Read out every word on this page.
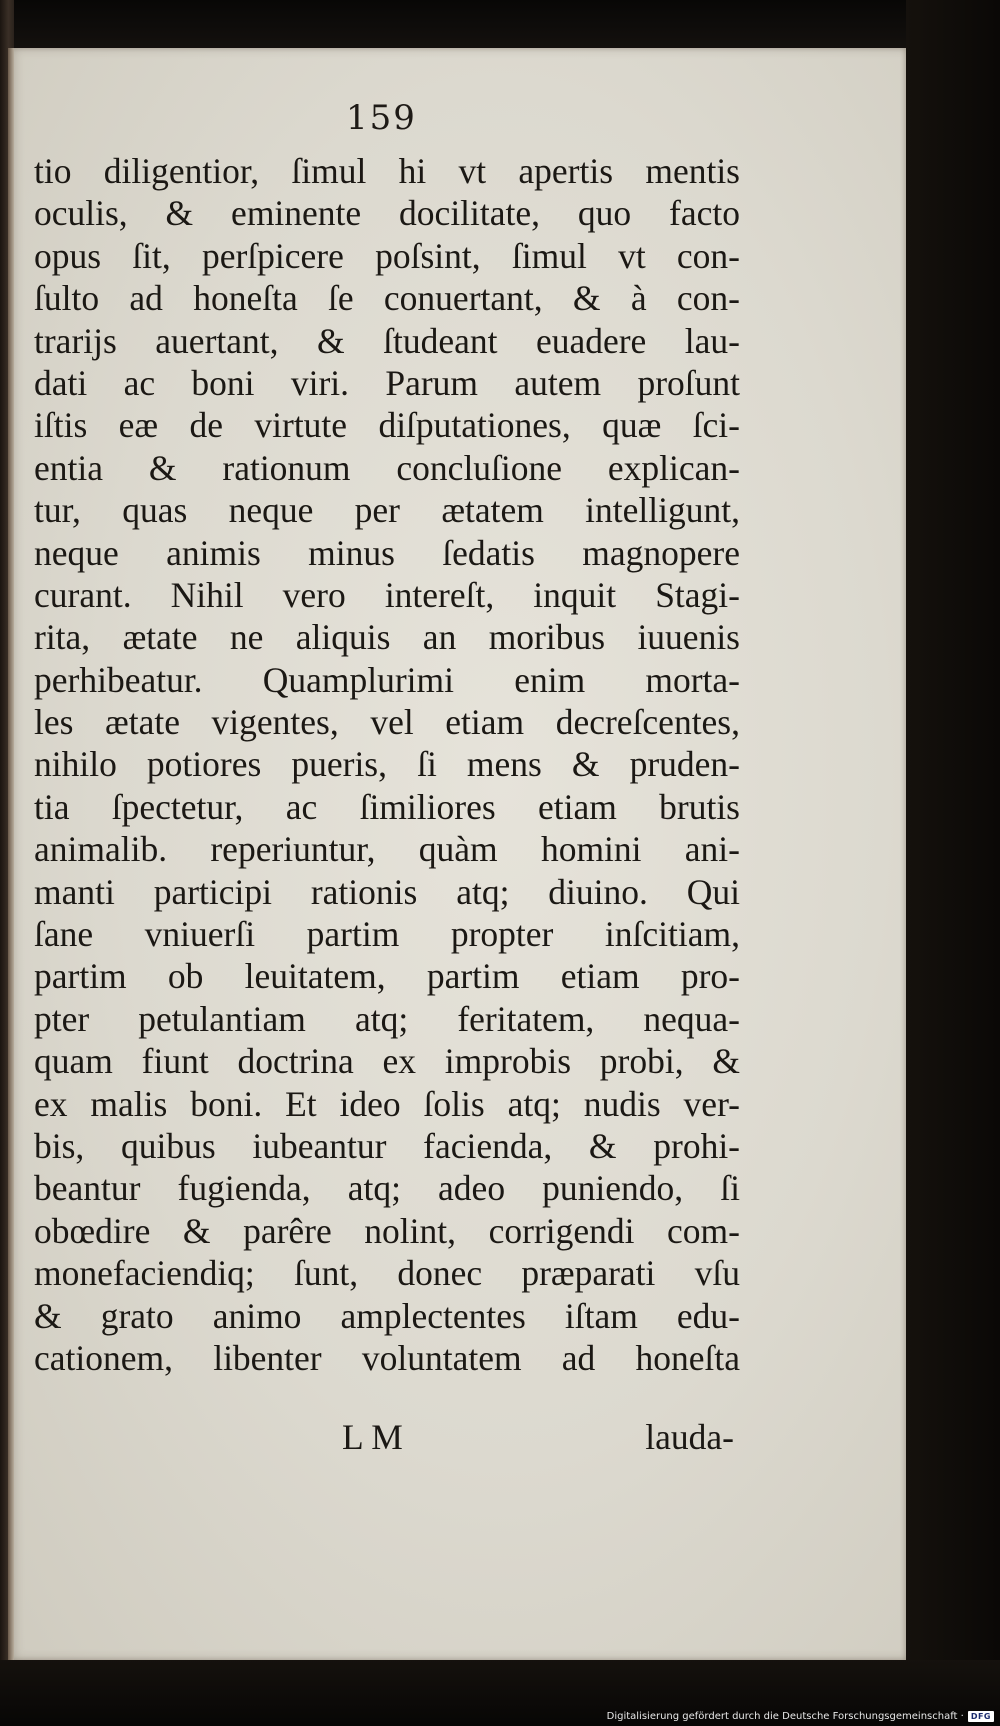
159
tio diligentior, ſimul hi vt apertis mentis
oculis, & eminente docilitate, quo facto
opus ſit, perſpicere poſsint, ſimul vt con-
ſulto ad honeſta ſe conuertant, & à con-
trarijs auertant, & ſtudeant euadere lau-
dati ac boni viri. Parum autem proſunt
iſtis eæ de virtute diſputationes, quæ ſci-
entia & rationum concluſione explican-
tur, quas neque per ætatem intelligunt,
neque animis minus ſedatis magnopere
curant. Nihil vero intereſt, inquit Stagi-
rita, ætate ne aliquis an moribus iuuenis
perhibeatur. Quamplurimi enim morta-
les ætate vigentes, vel etiam decreſcentes,
nihilo potiores pueris, ſi mens & pruden-
tia ſpectetur, ac ſimiliores etiam brutis
animalib. reperiuntur, quàm homini ani-
manti participi rationis atq; diuino. Qui
ſane vniuerſi partim propter inſcitiam,
partim ob leuitatem, partim etiam pro-
pter petulantiam atq; feritatem, nequa-
quam fiunt doctrina ex improbis probi, &
ex malis boni. Et ideo ſolis atq; nudis ver-
bis, quibus iubeantur facienda, & prohi-
beantur fugienda, atq; adeo puniendo, ſi
obœdire & parêre nolint, corrigendi com-
monefaciendiq; ſunt, donec præparati vſu
& grato animo amplectentes iſtam edu-
cationem, libenter voluntatem ad honeſta
L M	lauda-
Digitalisierung gefördert durch die Deutsche Forschungsgemeinschaft · DFG
